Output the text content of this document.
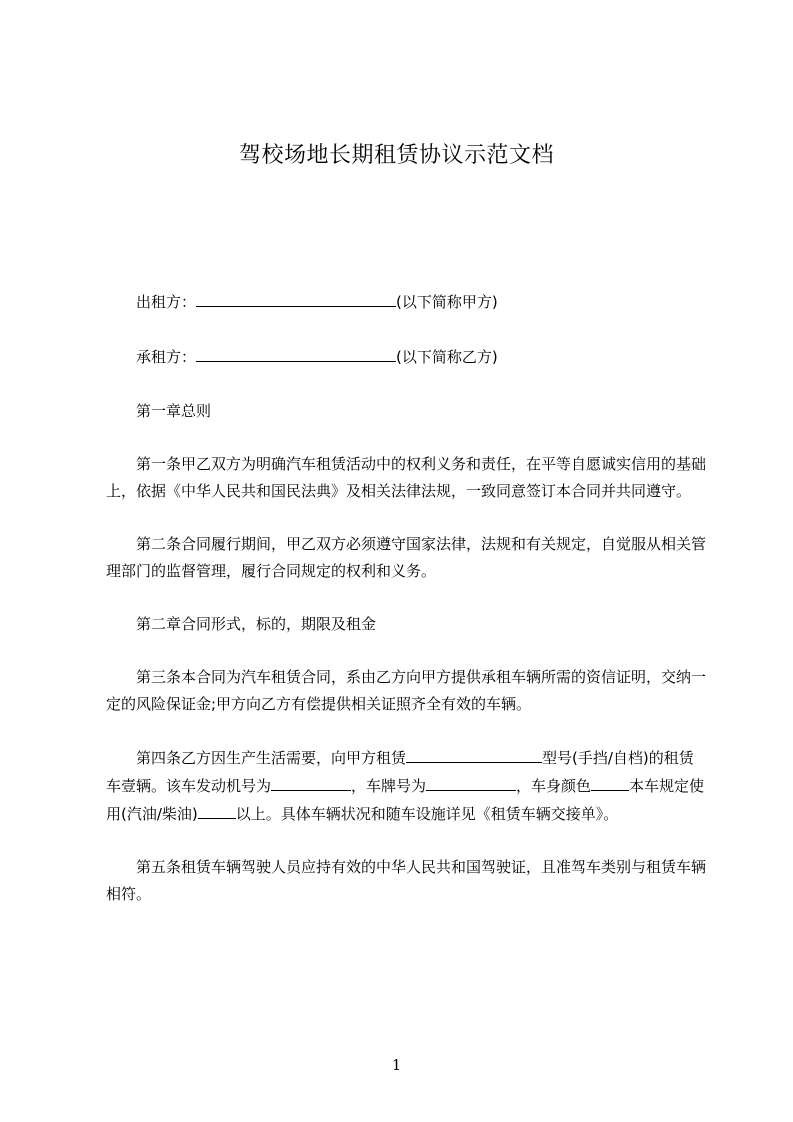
驾校场地长期租赁协议示范文档

出租方：	(以下简称甲方)

承租方：	(以下简称乙方)

第一章总则

第一条甲乙双方为明确汽车租赁活动中的权利义务和责任，在平等自愿诚实信用的基础上，依据《中华人民共和国民法典》及相关法律法规，一致同意签订本合同并共同遵守。

第二条合同履行期间，甲乙双方必须遵守国家法律，法规和有关规定，自觉服从相关管理部门的监督管理，履行合同规定的权利和义务。

第二章合同形式，标的，期限及租金

第三条本合同为汽车租赁合同，系由乙方向甲方提供承租车辆所需的资信证明，交纳一定的风险保证金;甲方向乙方有偿提供相关证照齐全有效的车辆。

第四条乙方因生产生活需要，向甲方租赁	型号(手挡/自档)的租赁车壹辆。该车发动机号为	，车牌号为	，车身颜色	本车规定使用(汽油/柴油)	以上。具体车辆状况和随车设施详见《租赁车辆交接单》。

第五条租赁车辆驾驶人员应持有效的中华人民共和国驾驶证，且准驾车类别与租赁车辆相符。

1
